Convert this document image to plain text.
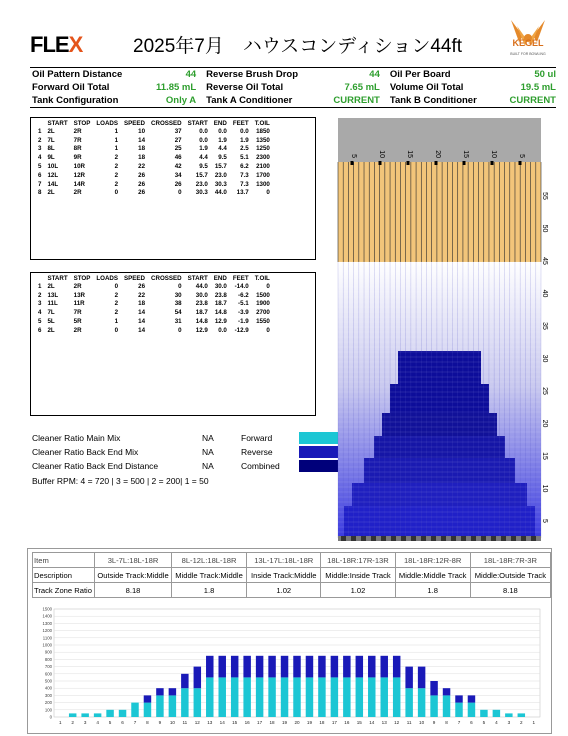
FLEX	2025年7月　ハウスコンディション44ft	KEGEL
BUILT FOR BOWLING
Oil Pattern Distance	44	Reverse Brush Drop	44	Oil Per Board	50 ul
Forward Oil Total	11.85 mL	Reverse Oil Total	7.65 mL	Volume Oil Total	19.5 mL
Tank Configuration	Only A	Tank A Conditioner	CURRENT	Tank B Conditioner	CURRENT
	START	STOP	LOADS	SPEED	CROSSED	START	END	FEET	T.OIL
1	2L	2R	1	10	37	0.0	0.0	0.0	1850
2	7L	7R	1	14	27	0.0	1.9	1.9	1350
3	8L	8R	1	18	25	1.9	4.4	2.5	1250
4	9L	9R	2	18	46	4.4	9.5	5.1	2300
5	10L	10R	2	22	42	9.5	15.7	6.2	2100
6	12L	12R	2	26	34	15.7	23.0	7.3	1700
7	14L	14R	2	26	26	23.0	30.3	7.3	1300
8	2L	2R	0	26	0	30.3	44.0	13.7	0
	START	STOP	LOADS	SPEED	CROSSED	START	END	FEET	T.OIL
1	2L	2R	0	26	0	44.0	30.0	-14.0	0
2	13L	13R	2	22	30	30.0	23.8	-6.2	1500
3	11L	11R	2	18	38	23.8	18.7	-5.1	1900
4	7L	7R	2	14	54	18.7	14.8	-3.9	2700
5	5L	5R	1	14	31	14.8	12.9	-1.9	1550
6	2L	2R	0	14	0	12.9	0.0	-12.9	0
Cleaner Ratio Main Mix	NA	Forward
Cleaner Ratio Back End Mix	NA	Reverse
Cleaner Ratio Back End Distance	NA	Combined
Buffer RPM: 4 = 720 | 3 = 500 | 2 = 200| 1 = 50
5	10	15	20	15	10	5
55
50
45
40
35
30
25
20
15
10
5
Item	3L-7L:18L-18R	8L-12L:18L-18R	13L-17L:18L-18R	18L-18R:17R-13R	18L-18R:12R-8R	18L-18R:7R-3R
Description	Outside Track:Middle	Middle Track:Middle	Inside Track:Middle	Middle:Inside Track	Middle:Middle Track	Middle:Outside Track
Track Zone Ratio	8.18	1.8	1.02	1.02	1.8	8.18
0
100
200
300
400
500
600
700
800
900
1000
1100
1200
1300
1400
1500
1 2 3 4 5 6 7 8 9 10 11 12 13 14 15 16 17 18 19 20 19 18 17 16 15 14 13 12 11 10 9 8 7 6 5 4 3 2 1
